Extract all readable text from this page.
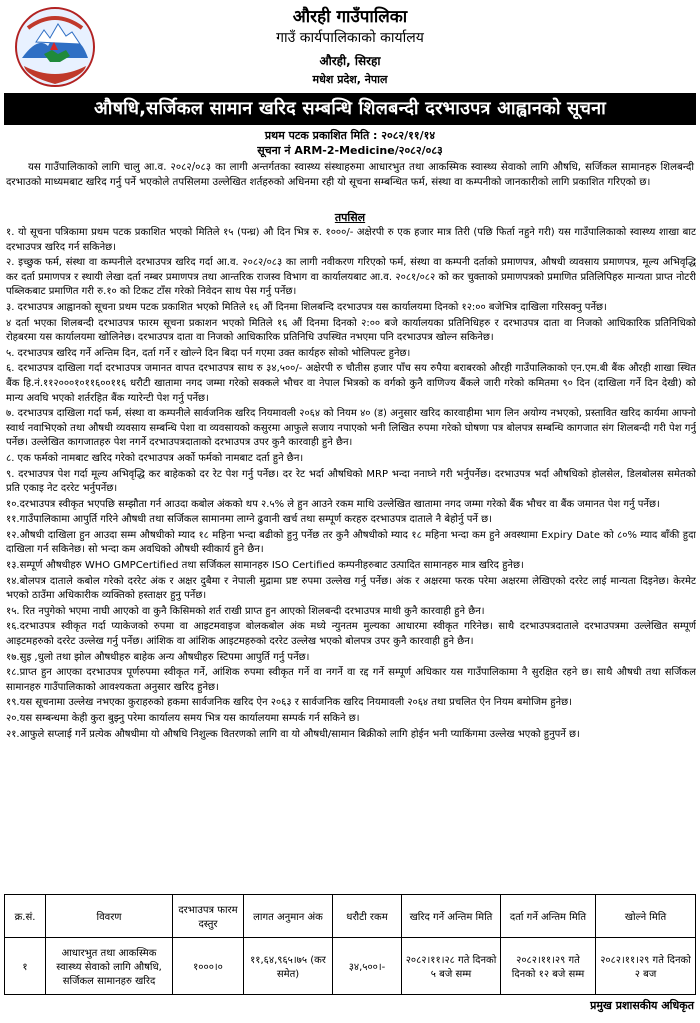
औरही गाउँपालिका
गाउँ कार्यपालिकाको कार्यालय
औरही, सिरहा
मधेश प्रदेश, नेपाल
औषधि,सर्जिकल सामान खरिद सम्बन्धि शिलबन्दी दरभाउपत्र आह्वानको सूचना
प्रथम पटक प्रकाशित मिति : २०८२/११/१४
सूचना नं ARM-2-Medicine/२०८२/०८३
यस गाउँपालिकाको लागि चालु आ.व. २०८२/०८३ का लागी अन्तर्गतका स्वास्थ्य संस्थाहरुमा आधारभुत तथा आकस्मिक स्वास्थ्य सेवाको लागि औषधि, सर्जिकल सामानहरु शिलबन्दी दरभाउको माध्यमबाट खरिद गर्नु पर्ने भएकोले तपसिलमा उल्लेखित शर्तहरुको अधिनमा रही यो सूचना सम्बन्धित फर्म, संस्था वा कम्पनीको जानकारीको लागि प्रकाशित गरिएको छ।
तपसिल

१. यो सूचना पत्रिकामा प्रथम पटक प्रकाशित भएको मितिले १५ (पन्ध्र) औ दिन भित्र रु. १०००/- अक्षेरपी रु एक हजार मात्र तिरी (पछि फिर्ता नहुने गरी) यस गाउँपालिकाको स्वास्थ्य शाखा बाट दरभाउपत्र खरिद गर्न सकिनेछ।

२. इच्छुक फर्म, संस्था वा कम्पनीले दरभाउपत्र खरिद गर्दा आ.व. २०८२/०८३ का लागी नवीकरण गरिएको फर्म, संस्था वा कम्पनी दर्ताको प्रमाणपत्र, औषधी व्यवसाय प्रमाणपत्र, मूल्य अभिवृद्धि कर दर्ता प्रमाणपत्र र स्थायी लेखा दर्ता नम्बर प्रमाणपत्र तथा आन्तरिक राजस्व विभाग वा कार्यालयबाट आ.व. २०८१/०८२ को कर चुक्ताको प्रमाणपत्रको प्रमाणित प्रतिलिपिहरु मान्यता प्राप्त नोटरी पब्लिकबाट प्रमाणित गरी रु.१० को टिकट टाँस गरेको निवेदन साथ पेस गर्नु पर्नेछ।

३. दरभाउपत्र आह्वानको सूचना प्रथम पटक प्रकाशित भएको मितिले १६ औं दिनमा शिलबन्दि दरभाउपत्र यस कार्यालयमा दिनको १२:०० बजेभित्र दाखिला गरिसक्नु पर्नेछ।

४ दर्ता भएका शिलबन्दी दरभाउपत्र फारम सूचना प्रकाशन भएको मितिले १६ औं दिनमा दिनको २:०० बजे कार्यालयका प्रतिनिधिहरु र दरभाउपत्र दाता वा निजको आधिकारिक प्रतिनिधिको रोहबरमा यस कार्यालयमा खोलिनेछ। दरभाउपत्र दाता वा निजको आधिकारिक प्रतिनिधि उपस्थित नभएमा पनि दरभाउपत्र खोल्न सकिनेछ।

५. दरभाउपत्र खरिद गर्ने अन्तिम दिन, दर्ता गर्ने र खोल्ने दिन बिदा पर्न गएमा उक्त कार्यहरु सोको भोलिपल्ट हुनेछ।

६. दरभाउपत्र दाखिला गर्दा दरभाउपत्र जमानत वापत दरभाउपत्र साथ रु ३४,५००/- अक्षेरपी रु चौतीस हजार पाँच सय रुपैया बराबरको औरही गाउँपालिकाको एन.एम.बी बैंक औरही शाखा स्थित बैंक हि.नं.११२०००१०११६००११६ धरौटी खातामा नगद जम्मा गरेको सक्कले भौचर वा नेपाल भित्रको क वर्गको कुनै वाणिज्य बैंकले जारी गरेको कमितमा ९० दिन (दाखिला गर्ने दिन देखी) को मान्य अवधि भएको शर्तरहित बैंक ग्यारेन्टी पेश गर्नु पर्नेछ।

७. दरभाउपत्र दाखिला गर्दा फर्म, संस्था वा कम्पनीले सार्वजनिक खरिद नियमावली २०६४ को नियम ४० (ड) अनुसार खरिद कारवाहीमा भाग लिन अयोग्य नभएको, प्रस्तावित खरिद कार्यमा आफ्नो स्वार्थ नवाभिएको तथा औषधी व्यवसाय सम्बन्धि पेशा वा व्यवसायको कसुरमा आफुले सजाय नपाएको भनी लिखित रुपमा गरेको घोषणा पत्र बोलपत्र सम्बन्धि कागजात संग शिलबन्दी गरी पेश गर्नु पर्नेछ। उल्लेखित कागजातहरु पेश नगर्ने दरभाउपत्रदाताको दरभाउपत्र उपर कुनै कारवाही हुने छैन।

८. एक फर्मको नामबाट खरिद गरेको दरभाउपत्र अर्को फर्मको नामबाट दर्ता हुने छैन।

९. दरभाउपत्र पेश गर्दा मूल्य अभिवृद्धि कर बाहेकको दर रेट पेश गर्नु पर्नेछ। दर रेट भर्दा औषधिको MRP भन्दा ननाघ्ने गरी भर्नुपर्नेछ। दरभाउपत्र भर्दा औषधिको होलसेल, डिलबोलस समेतको प्रति एकाइ नेट दररेट भर्नुपर्नेछ।

१०.दरभाउपत्र स्वीकृत भएपछि सम्झौता गर्न आउदा कबोल अंकको थप २.५% ले हुन आउने रकम माथि उल्लेखित खातामा नगद जम्मा गरेको बैंक भौचर वा बैंक जमानत पेश गर्नु पर्नेछ।

११.गाउँपालिकामा आपुर्ति गरिने औषधी तथा सर्जिकल सामानमा लाग्ने ढुवानी खर्च तथा सम्पूर्ण करहरु दरभाउपत्र दाताले नै बेहोर्नु पर्ने छ।

१२.औषधी दाखिला हुन आउदा सम्म औषधीको म्याद १८ महिना भन्दा बढीको हुनु पर्नेछ तर कुनै औषधीको म्याद १८ महिना भन्दा कम हुने अवस्थामा Expiry Date को ८०% म्याद बाँकी हुदा दाखिला गर्न सकिनेछ। सो भन्दा कम अवधिको औषधी स्वीकार्य हुने छैन।

१३.सम्पूर्ण औषधीहरु WHO GMPCertified तथा सर्जिकल सामानहरु ISO Certified कम्पनीहरुबाट उत्पादित सामानहरु मात्र खरिद हुनेछ।

१४.बोलपत्र दाताले कबोल गरेको दररेट अंक र अक्षर दुबैमा र नेपाली मुद्रामा प्रष्ट रुपमा उल्लेख गर्नु पर्नेछ। अंक र अक्षरमा फरक परेमा अक्षरमा लेखिएको दररेट लाई मान्यता दिइनेछ। केरमेट भएको ठाउँमा अधिकारीक व्यक्तिको हस्ताक्षर हुनु पर्नेछ।

१५. रित नपुगेको भएमा नाघी आएको वा कुनै किसिमको शर्त राखी प्राप्त हुन आएको शिलबन्दी दरभाउपत्र माथी कुनै कारवाही हुने छैन।

१६.दरभाउपत्र स्वीकृत गर्दा प्याकेजको रुपमा वा आइटमवाइज बोलकबोल अंक मध्ये न्युनतम मुल्यका आधारमा स्वीकृत गरिनेछ। साथै दरभाउपत्रदाताले दरभाउपत्रमा उल्लेखित सम्पूर्ण आइटमहरुको दररेट उल्लेख गर्नु पर्नेछ। आंशिक वा आंशिक आइटमहरुको दररेट उल्लेख भएको बोलपत्र उपर कुनै कारवाही हुने छैन।

१७.सुइ ,धुलो तथा झोल औषधीहरु बाहेक अन्य औषधीहरु स्टिपमा आपुर्ति गर्नु पर्नेछ।

१८.प्राप्त हुन आएका दरभाउपत्र पूर्णरुपमा स्वीकृत गर्ने, आंशिक रुपमा स्वीकृत गर्ने वा नगर्ने वा रद्द गर्ने सम्पूर्ण अधिकार यस गाउँपालिकामा नै सुरक्षित रहने छ। साथै औषधी तथा सर्जिकल सामानहरु गाउँपालिकाको आवश्यकता अनुसार खरिद हुनेछ।

१९.यस सूचनामा उल्लेख नभएका कुराहरुको हकमा सार्वजनिक खरिद ऐन २०६३ र सार्वजनिक खरिद नियमावली २०६४ तथा प्रचलित ऐन नियम बमोजिम हुनेछ।

२०.यस सम्बन्धमा केही कुरा बुझ्नु परेमा कार्यालय समय भित्र यस कार्यालयमा सम्पर्क गर्न सकिने छ।

२१.आफुले सप्लाई गर्ने प्रत्येक औषधीमा यो औषधि निशुल्क वितरणको लागि वा यो औषधी/सामान बिक्रीको लागि होईन भनी प्याकिंगमा उल्लेख भएको हुनुपर्ने छ।

क्र.सं.	विवरण	दरभाउपत्र फारम दस्तुर	लागत अनुमान अंक	धरौटी रकम	खरिद गर्ने अन्तिम मिति	दर्ता गर्ने अन्तिम मिति	खोल्ने मिति
१	आधारभुत तथा आकस्मिक स्वास्थ्य सेवाको लागि औषधि, सर्जिकल सामानहरु खरिद	१०००।०	११,६४,९६५।७५ (कर समेत)	३४,५००।-	२०८२।११।२८ गते दिनको ५ बजे सम्म	२०८२।११।२९ गते दिनको १२ बजे सम्म	२०८२।११।२९ गते दिनको २ बज
प्रमुख प्रशासकीय अधिकृत
